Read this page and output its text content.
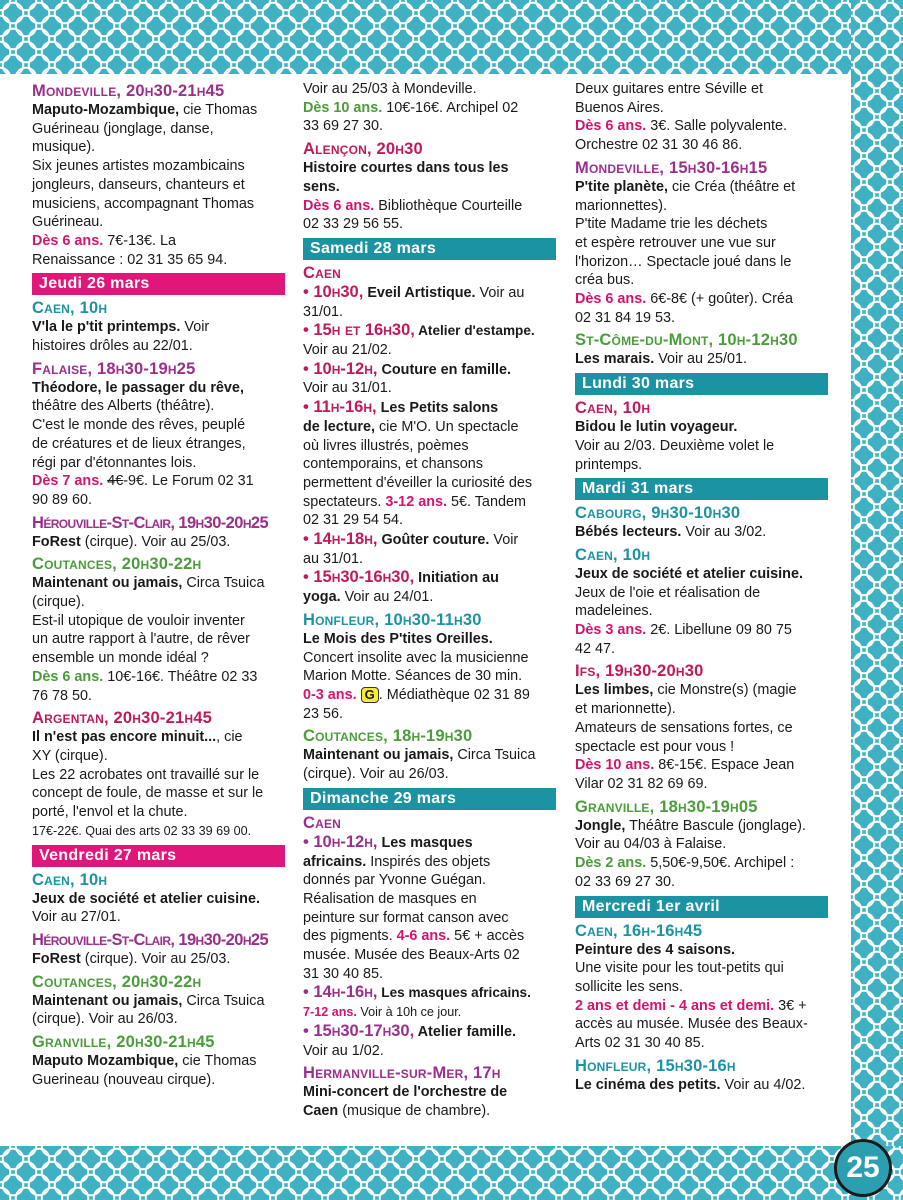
25
Mondeville, 20h30-21h45
Maputo-Mozambique, cie Thomas
Guérineau (jonglage, danse,
musique).
Six jeunes artistes mozambicains
jongleurs, danseurs, chanteurs et
musiciens, accompagnant Thomas
Guérineau.
Dès 6 ans. 7€-13€. La
Renaissance : 02 31 35 65 94.
Jeudi 26 mars
Caen, 10h
V'la le p'tit printemps. Voir
histoires drôles au 22/01.
Falaise, 18h30-19h25
Théodore, le passager du rêve,
théâtre des Alberts (théâtre).
C'est le monde des rêves, peuplé
de créatures et de lieux étranges,
régi par d'étonnantes lois.
Dès 7 ans. 4€-9€. Le Forum 02 31
90 89 60.
Hérouville-St-Clair, 19h30-20h25
FoRest (cirque). Voir au 25/03.
Coutances, 20h30-22h
Maintenant ou jamais, Circa Tsuica
(cirque).
Est-il utopique de vouloir inventer
un autre rapport à l'autre, de rêver
ensemble un monde idéal ?
Dès 6 ans. 10€-16€. Théâtre 02 33
76 78 50.
Argentan, 20h30-21h45
Il n'est pas encore minuit..., cie
XY (cirque).
Les 22 acrobates ont travaillé sur le
concept de foule, de masse et sur le
porté, l'envol et la chute.
17€-22€. Quai des arts 02 33 39 69 00.
Vendredi 27 mars
Caen, 10h
Jeux de société et atelier cuisine.
Voir au 27/01.
Hérouville-St-Clair, 19h30-20h25
FoRest (cirque). Voir au 25/03.
Coutances, 20h30-22h
Maintenant ou jamais, Circa Tsuica
(cirque). Voir au 26/03.
Granville, 20h30-21h45
Maputo Mozambique, cie Thomas
Guerineau (nouveau cirque).
Voir au 25/03 à Mondeville.
Dès 10 ans. 10€-16€. Archipel 02
33 69 27 30.
Alençon, 20h30
Histoire courtes dans tous les
sens.
Dès 6 ans. Bibliothèque Courteille
02 33 29 56 55.
Samedi 28 mars
Caen
• 10h30, Eveil Artistique. Voir au
31/01.
• 15h et 16h30, Atelier d'estampe.
Voir au 21/02.
• 10h-12h, Couture en famille.
Voir au 31/01.
• 11h-16h, Les Petits salons
de lecture, cie M'O. Un spectacle
où livres illustrés, poèmes
contemporains, et chansons
permettent d'éveiller la curiosité des
spectateurs. 3-12 ans. 5€. Tandem
02 31 29 54 54.
• 14h-18h, Goûter couture. Voir
au 31/01.
• 15h30-16h30, Initiation au
yoga. Voir au 24/01.
Honfleur, 10h30-11h30
Le Mois des P'tites Oreilles.
Concert insolite avec la musicienne
Marion Motte. Séances de 30 min.
0-3 ans. G . Médiathèque 02 31 89
23 56.
Coutances, 18h-19h30
Maintenant ou jamais, Circa Tsuica
(cirque). Voir au 26/03.
Dimanche 29 mars
Caen
• 10h-12h, Les masques
africains. Inspirés des objets
donnés par Yvonne Guégan.
Réalisation de masques en
peinture sur format canson avec
des pigments. 4-6 ans. 5€ + accès
musée. Musée des Beaux-Arts 02
31 30 40 85.
• 14h-16h, Les masques africains.
7-12 ans. Voir à 10h ce jour.
• 15h30-17h30, Atelier famille.
Voir au 1/02.
Hermanville-sur-Mer, 17h
Mini-concert de l'orchestre de
Caen (musique de chambre).
Deux guitares entre Séville et
Buenos Aires.
Dès 6 ans. 3€. Salle polyvalente.
Orchestre 02 31 30 46 86.
Mondeville, 15h30-16h15
P'tite planète, cie Créa (théâtre et
marionnettes).
P'tite Madame trie les déchets
et espère retrouver une vue sur
l'horizon… Spectacle joué dans le
créa bus.
Dès 6 ans. 6€-8€ (+ goûter). Créa
02 31 84 19 53.
St-Côme-du-Mont, 10h-12h30
Les marais. Voir au 25/01.
Lundi 30 mars
Caen, 10h
Bidou le lutin voyageur.
Voir au 2/03. Deuxième volet le
printemps.
Mardi 31 mars
Cabourg, 9h30-10h30
Bébés lecteurs. Voir au 3/02.
Caen, 10h
Jeux de société et atelier cuisine.
Jeux de l'oie et réalisation de
madeleines.
Dès 3 ans. 2€. Libellune 09 80 75
42 47.
Ifs, 19h30-20h30
Les limbes, cie Monstre(s) (magie
et marionnette).
Amateurs de sensations fortes, ce
spectacle est pour vous !
Dès 10 ans. 8€-15€. Espace Jean
Vilar 02 31 82 69 69.
Granville, 18h30-19h05
Jongle, Théâtre Bascule (jonglage).
Voir au 04/03 à Falaise.
Dès 2 ans. 5,50€-9,50€. Archipel :
02 33 69 27 30.
Mercredi 1er avril
Caen, 16h-16h45
Peinture des 4 saisons.
Une visite pour les tout-petits qui
sollicite les sens.
2 ans et demi - 4 ans et demi. 3€ +
accès au musée. Musée des Beaux-
Arts 02 31 30 40 85.
Honfleur, 15h30-16h
Le cinéma des petits. Voir au 4/02.
